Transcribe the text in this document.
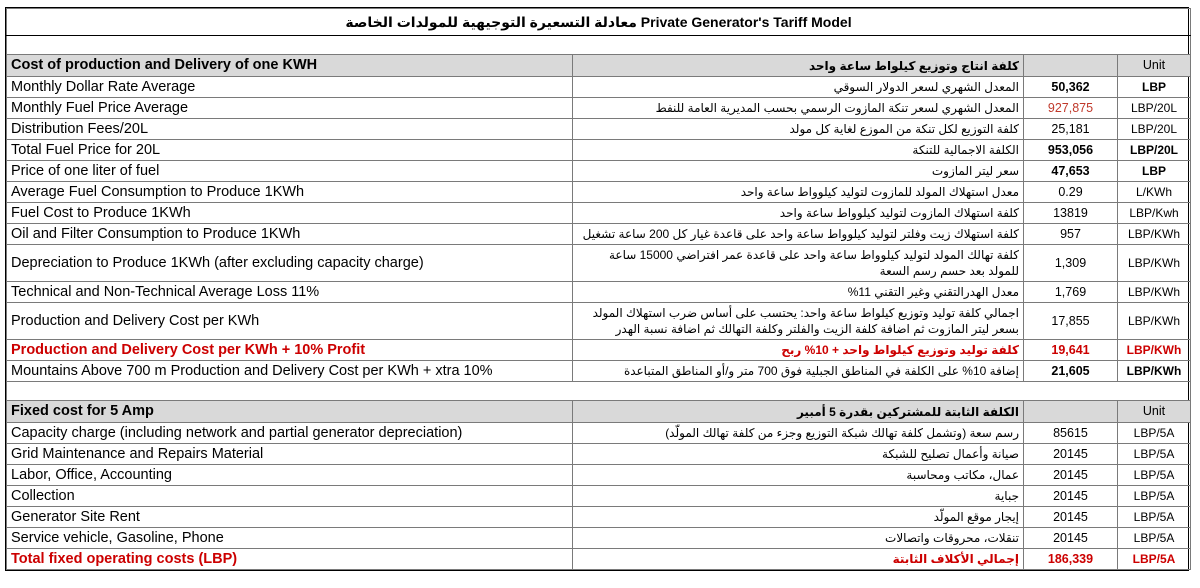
معادلة التسعيرة التوجيهية للمولدات الخاصة Private Generator's Tariff Model			

Cost of production and Delivery of one KWH	كلفة انتاج وتوزيع كيلواط ساعة واحد		Unit
Monthly Dollar Rate Average	المعدل الشهري لسعر الدولار السوقي	50,362	LBP
Monthly Fuel Price Average	المعدل الشهري لسعر تنكة المازوت الرسمي بحسب المديرية العامة للنفط	927,875	LBP/20L
Distribution Fees/20L	كلفة التوزيع لكل تنكة من الموزع لغاية كل مولد	25,181	LBP/20L
Total Fuel Price for 20L	الكلفة الاجمالية للتنكة	953,056	LBP/20L
Price of one liter of fuel	سعر ليتر المازوت	47,653	LBP
Average Fuel Consumption to Produce 1KWh	معدل استهلاك المولد للمازوت لتوليد كيلوواط ساعة واحد	0.29	L/KWh
Fuel Cost to Produce 1KWh	كلفة استهلاك المازوت لتوليد كيلوواط ساعة واحد	13819	LBP/Kwh
Oil and Filter Consumption to Produce 1KWh	كلفة استهلاك زيت وفلتر لتوليد كيلوواط ساعة واحد على قاعدة غيار كل 200 ساعة تشغيل	957	LBP/KWh
Depreciation to Produce 1KWh (after excluding capacity charge)	كلفة تهالك المولد لتوليد كيلوواط ساعة واحد على قاعدة عمر افتراضي 15000 ساعة للمولد بعد حسم رسم السعة	1,309	LBP/KWh
Technical and Non-Technical Average Loss 11%	معدل الهدرالتقني وغير التقني 11%	1,769	LBP/KWh
Production and Delivery Cost per KWh	اجمالي كلفة توليد وتوزيع كيلواط ساعة واحد: يحتسب على أساس ضرب استهلاك المولد بسعر ليتر المازوت ثم اضافة كلفة الزيت والفلتر وكلفة التهالك ثم اضافة نسبة الهدر	17,855	LBP/KWh
Production and Delivery Cost per KWh + 10% Profit	كلفة توليد وتوزيع كيلواط واحد + 10% ربح	19,641	LBP/KWh
Mountains Above 700 m Production and Delivery Cost per KWh + xtra 10%	إضافة 10% على الكلفة في المناطق الجبلية فوق 700 متر و/أو المناطق المتباعدة	21,605	LBP/KWh

Fixed cost for 5 Amp	الكلفة الثابتة للمشتركين بقدرة 5 أمبير		Unit
Capacity charge (including network and partial generator depreciation)	رسم سعة (وتشمل كلفة تهالك شبكة التوزيع وجزء من كلفة تهالك المولّد)	85615	LBP/5A
Grid Maintenance and Repairs Material	صيانة وأعمال تصليح للشبكة	20145	LBP/5A
Labor, Office, Accounting	عمال، مكاتب ومحاسبة	20145	LBP/5A
Collection	جباية	20145	LBP/5A
Generator Site Rent	إيجار موقع المولّد	20145	LBP/5A
Service vehicle, Gasoline, Phone	تنقلات، محروقات واتصالات	20145	LBP/5A
Total fixed operating costs (LBP)	إجمالي الأكلاف الثابتة	186,339	LBP/5A
